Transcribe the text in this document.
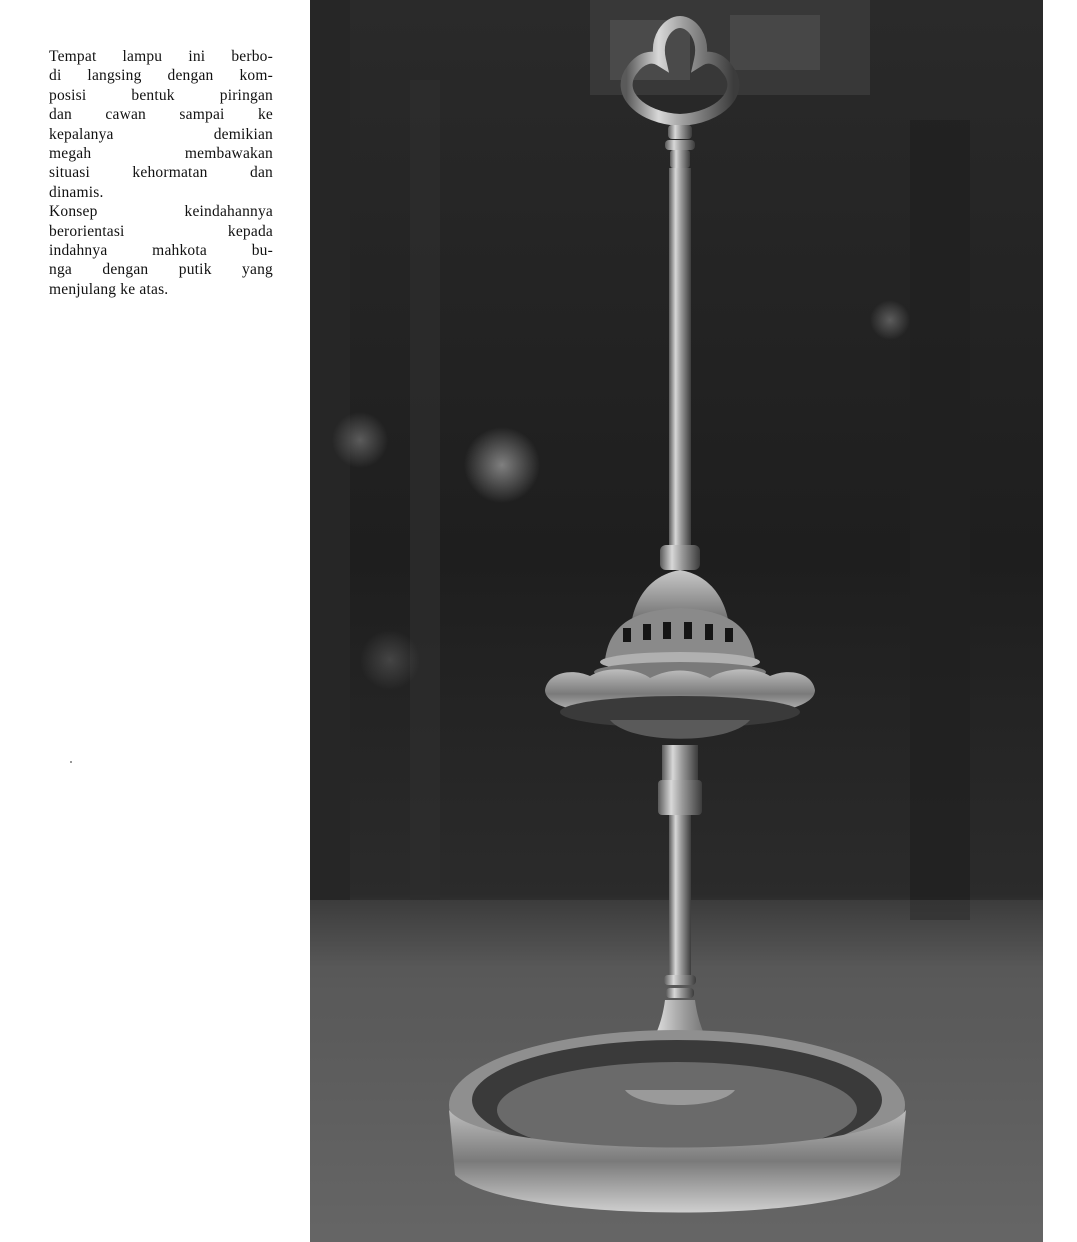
Tempat lampu ini berbo-
di langsing dengan kom-
posisi bentuk piringan
dan cawan sampai ke
kepalanya demikian
megah membawakan
situasi kehormatan dan
dinamis.

Konsep keindahannya
berorientasi kepada
indahnya mahkota bu-
nga dengan putik yang
menjulang ke atas.
